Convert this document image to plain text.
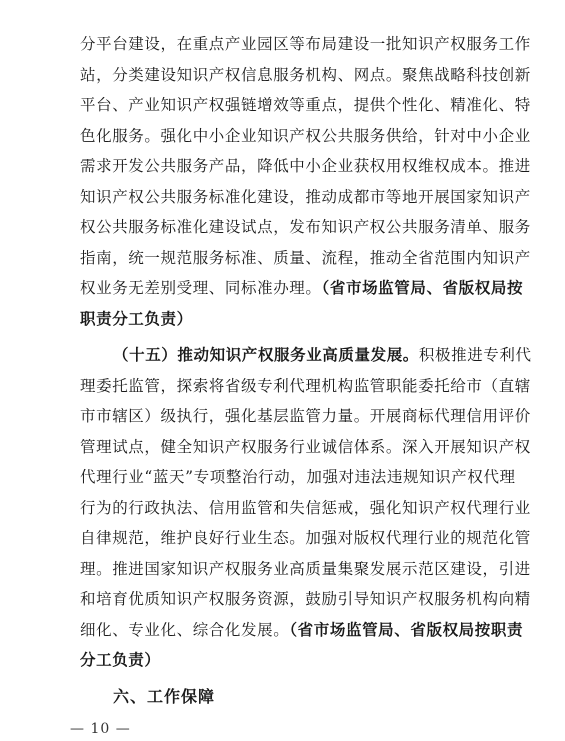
分平台建设，在重点产业园区等布局建设一批知识产权服务工作
站，分类建设知识产权信息服务机构、网点。聚焦战略科技创新
平台、产业知识产权强链增效等重点，提供个性化、精准化、特
色化服务。强化中小企业知识产权公共服务供给，针对中小企业
需求开发公共服务产品，降低中小企业获权用权维权成本。推进
知识产权公共服务标准化建设，推动成都市等地开展国家知识产
权公共服务标准化建设试点，发布知识产权公共服务清单、服务
指南，统一规范服务标准、质量、流程，推动全省范围内知识产
权业务无差别受理、同标准办理。（省市场监管局、省版权局按
职责分工负责）
（十五）推动知识产权服务业高质量发展。积极推进专利代
理委托监管，探索将省级专利代理机构监管职能委托给市（直辖
市市辖区）级执行，强化基层监管力量。开展商标代理信用评价
管理试点，健全知识产权服务行业诚信体系。深入开展知识产权
代理行业“蓝天”专项整治行动，加强对违法违规知识产权代理
行为的行政执法、信用监管和失信惩戒，强化知识产权代理行业
自律规范，维护良好行业生态。加强对版权代理行业的规范化管
理。推进国家知识产权服务业高质量集聚发展示范区建设，引进
和培育优质知识产权服务资源，鼓励引导知识产权服务机构向精
细化、专业化、综合化发展。（省市场监管局、省版权局按职责
分工负责）
— 10 —
六、工作保障
